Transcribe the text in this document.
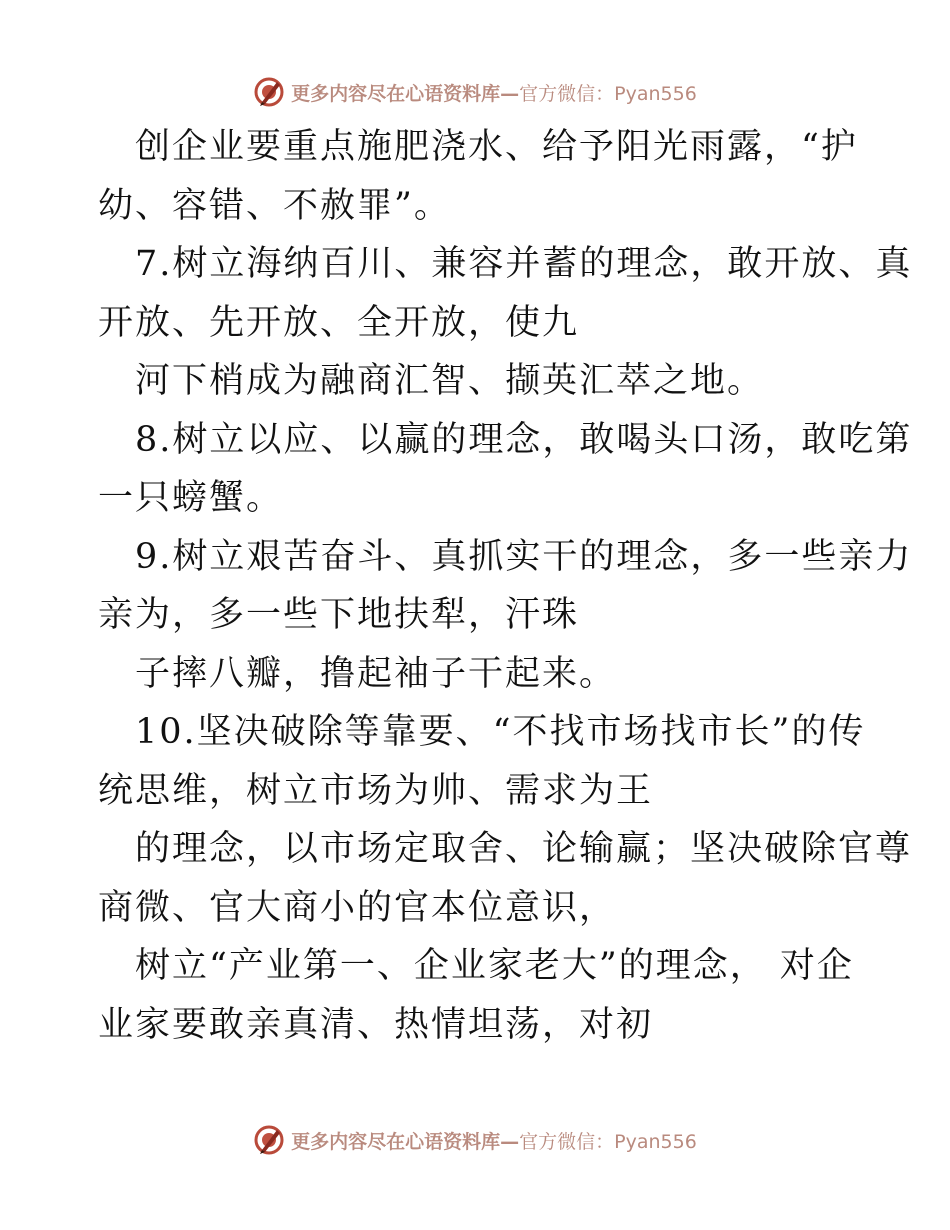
更多内容尽在心语资料库—官方微信：Pyan556
创企业要重点施肥浇水、给予阳光雨露，“护
幼、容错、不赦罪”。
7.树立海纳百川、兼容并蓄的理念，敢开放、真
开放、先开放、全开放，使九
河下梢成为融商汇智、撷英汇萃之地。
8.树立以应、以赢的理念，敢喝头口汤，敢吃第
一只螃蟹。
9.树立艰苦奋斗、真抓实干的理念，多一些亲力
亲为，多一些下地扶犁，汗珠
子摔八瓣，撸起袖子干起来。
10.坚决破除等靠要、“不找市场找市长”的传
统思维，树立市场为帅、需求为王
的理念，以市场定取舍、论输赢；坚决破除官尊
商微、官大商小的官本位意识，
树立“产业第一、企业家老大”的理念， 对企
业家要敢亲真清、热情坦荡，对初
更多内容尽在心语资料库—官方微信：Pyan556
